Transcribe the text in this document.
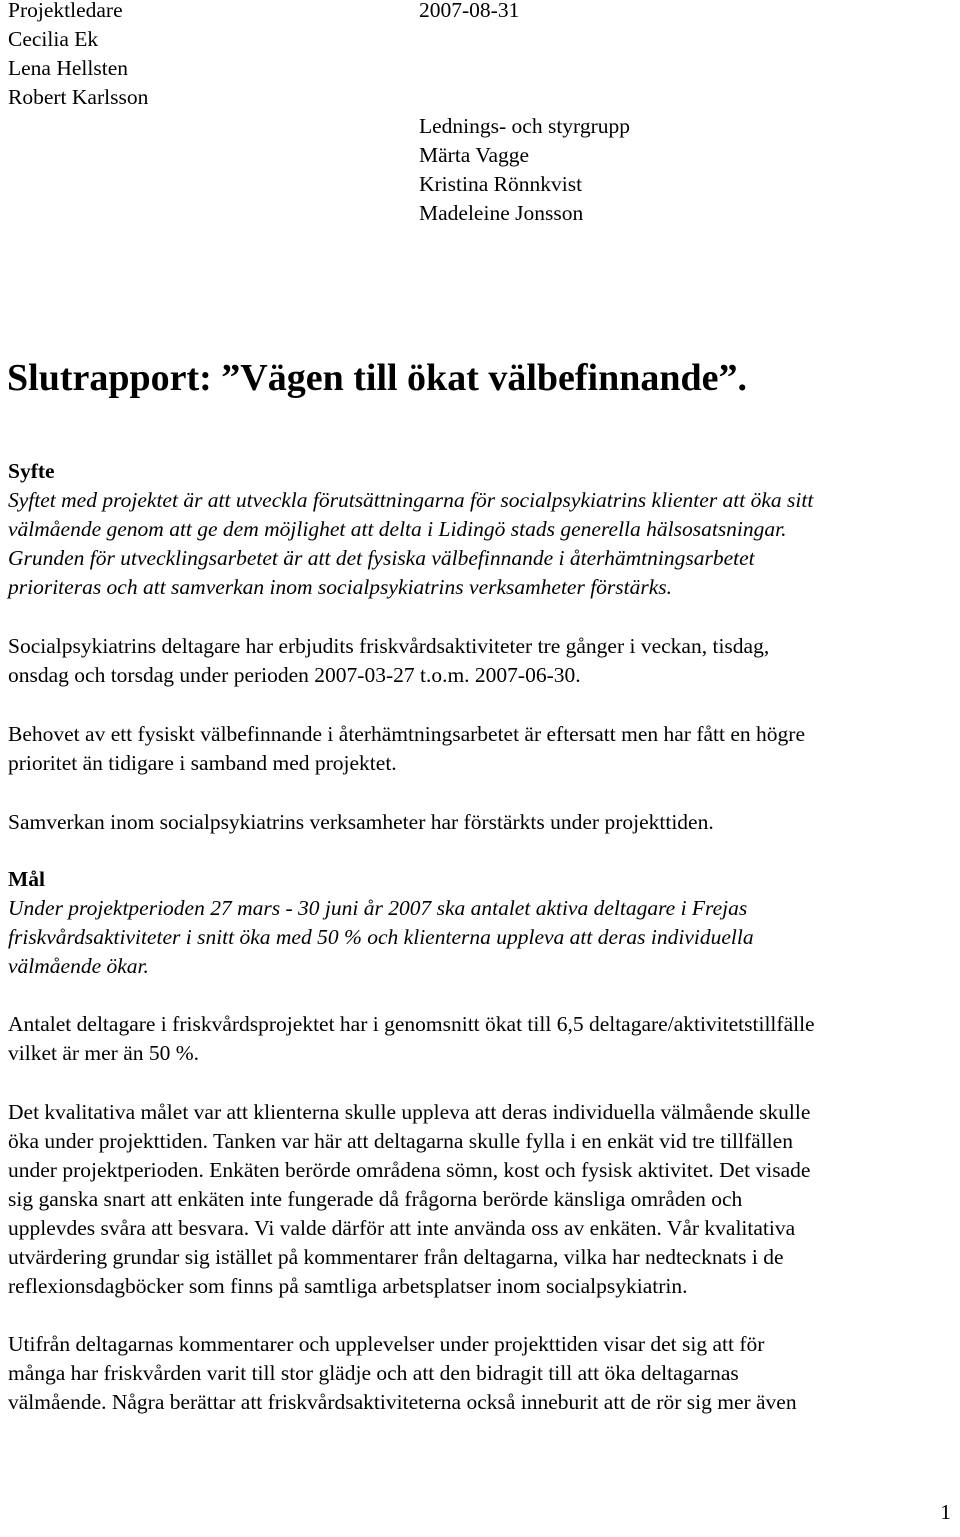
Projektledare
Cecilia Ek
Lena Hellsten
Robert Karlsson
2007-08-31
Lednings- och styrgrupp
Märta Vagge
Kristina Rönnkvist
Madeleine Jonsson
Slutrapport: ”Vägen till ökat välbefinnande”.
Syfte
Syftet med projektet är att utveckla förutsättningarna för socialpsykiatrins klienter att öka sitt
välmående genom att ge dem möjlighet att delta i Lidingö stads generella hälsosatsningar.
Grunden för utvecklingsarbetet är att det fysiska välbefinnande i återhämtningsarbetet
prioriteras och att samverkan inom socialpsykiatrins verksamheter förstärks.
Socialpsykiatrins deltagare har erbjudits friskvårdsaktiviteter tre gånger i veckan, tisdag,
onsdag och torsdag under perioden 2007-03-27 t.o.m. 2007-06-30.
Behovet av ett fysiskt välbefinnande i återhämtningsarbetet är eftersatt men har fått en högre
prioritet än tidigare i samband med projektet.
Samverkan inom socialpsykiatrins verksamheter har förstärkts under projekttiden.
Mål
Under projektperioden 27 mars - 30 juni år 2007 ska antalet aktiva deltagare i Frejas
friskvårdsaktiviteter i snitt öka med 50 % och klienterna uppleva att deras individuella
välmående ökar.
Antalet deltagare i friskvårdsprojektet har i genomsnitt ökat till 6,5 deltagare/aktivitetstillfälle
vilket är mer än 50 %.
Det kvalitativa målet var att klienterna skulle uppleva att deras individuella välmående skulle
öka under projekttiden. Tanken var här att deltagarna skulle fylla i en enkät vid tre tillfällen
under projektperioden. Enkäten berörde områdena sömn, kost och fysisk aktivitet. Det visade
sig ganska snart att enkäten inte fungerade då frågorna berörde känsliga områden och
upplevdes svåra att besvara. Vi valde därför att inte använda oss av enkäten. Vår kvalitativa
utvärdering grundar sig istället på kommentarer från deltagarna, vilka har nedtecknats i de
reflexionsdagböcker som finns på samtliga arbetsplatser inom socialpsykiatrin.
Utifrån deltagarnas kommentarer och upplevelser under projekttiden visar det sig att för
många har friskvården varit till stor glädje och att den bidragit till att öka deltagarnas
välmående. Några berättar att friskvårdsaktiviteterna också inneburit att de rör sig mer även
1
